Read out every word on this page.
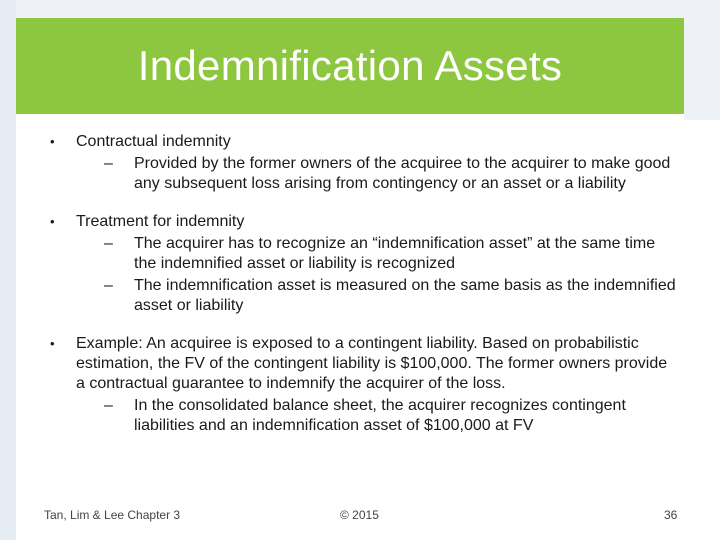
Indemnification Assets
• Contractual indemnity
– Provided by the former owners of the acquiree to the acquirer to make good any subsequent loss arising from contingency or an asset or a liability
• Treatment for indemnity
– The acquirer has to recognize an “indemnification asset” at the same time the indemnified asset or liability is recognized
– The indemnification asset is measured on the same basis as the indemnified asset or liability
• Example: An acquiree is exposed to a contingent liability. Based on probabilistic estimation, the FV of the contingent liability is $100,000. The former owners provide a contractual guarantee to indemnify the acquirer of the loss.
– In the consolidated balance sheet, the acquirer recognizes contingent liabilities and an indemnification asset of $100,000 at FV
Tan, Lim & Lee Chapter 3	© 2015	36
